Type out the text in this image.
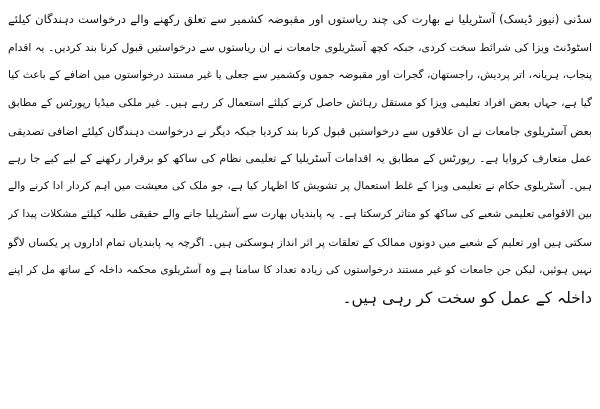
سڈنی (نیوز ڈیسک) آسٹریلیا نے بھارت کی چند ریاستوں اور مقبوضہ کشمیر سے تعلق رکھنے والے درخواست دہندگان کیلئے
اسٹوڈنٹ ویزا کی شرائط سخت کردی، جبکہ کچھ آسٹریلوی جامعات نے ان ریاستوں سے درخواستیں قبول کرنا بند کردیں۔ یہ اقدام
پنجاب، ہریانہ، اتر پردیش، راجستھان، گجرات اور مقبوضہ جموں وکشمیر سے جعلی یا غیر مستند درخواستوں میں اضافے کے باعث کیا
گیا ہے، جہاں بعض افراد تعلیمی ویزا کو مستقل رہائش حاصل کرنے کیلئے استعمال کر رہے ہیں۔ غیر ملکی میڈیا رپورٹس کے مطابق
بعض آسٹریلوی جامعات نے ان علاقوں سے درخواستیں قبول کرنا بند کردیا جبکہ دیگر نے درخواست دہندگان کیلئے اضافی تصدیقی
عمل متعارف کروایا ہے۔ رپورٹس کے مطابق یہ اقدامات آسٹریلیا کے تعلیمی نظام کی ساکھ کو برقرار رکھنے کے لیے کیے جا رہے
ہیں۔ آسٹریلوی حکام نے تعلیمی ویزا کے غلط استعمال پر تشویش کا اظہار کیا ہے، جو ملک کی معیشت میں اہم کردار ادا کرنے والے
بین الاقوامی تعلیمی شعبے کی ساکھ کو متاثر کرسکتا ہے۔ یہ پابندیاں بھارت سے آسٹریلیا جانے والے حقیقی طلبہ کیلئے مشکلات پیدا کر
سکتی ہیں اور تعلیم کے شعبے میں دونوں ممالک کے تعلقات پر اثر انداز ہوسکتی ہیں۔ اگرچہ یہ پابندیاں تمام اداروں پر یکساں لاگو
نہیں ہوئیں، لیکن جن جامعات کو غیر مستند درخواستوں کی زیادہ تعداد کا سامنا ہے وہ آسٹریلوی محکمہ داخلہ کے ساتھ مل کر اپنے
داخلہ کے عمل کو سخت کر رہی ہیں۔
